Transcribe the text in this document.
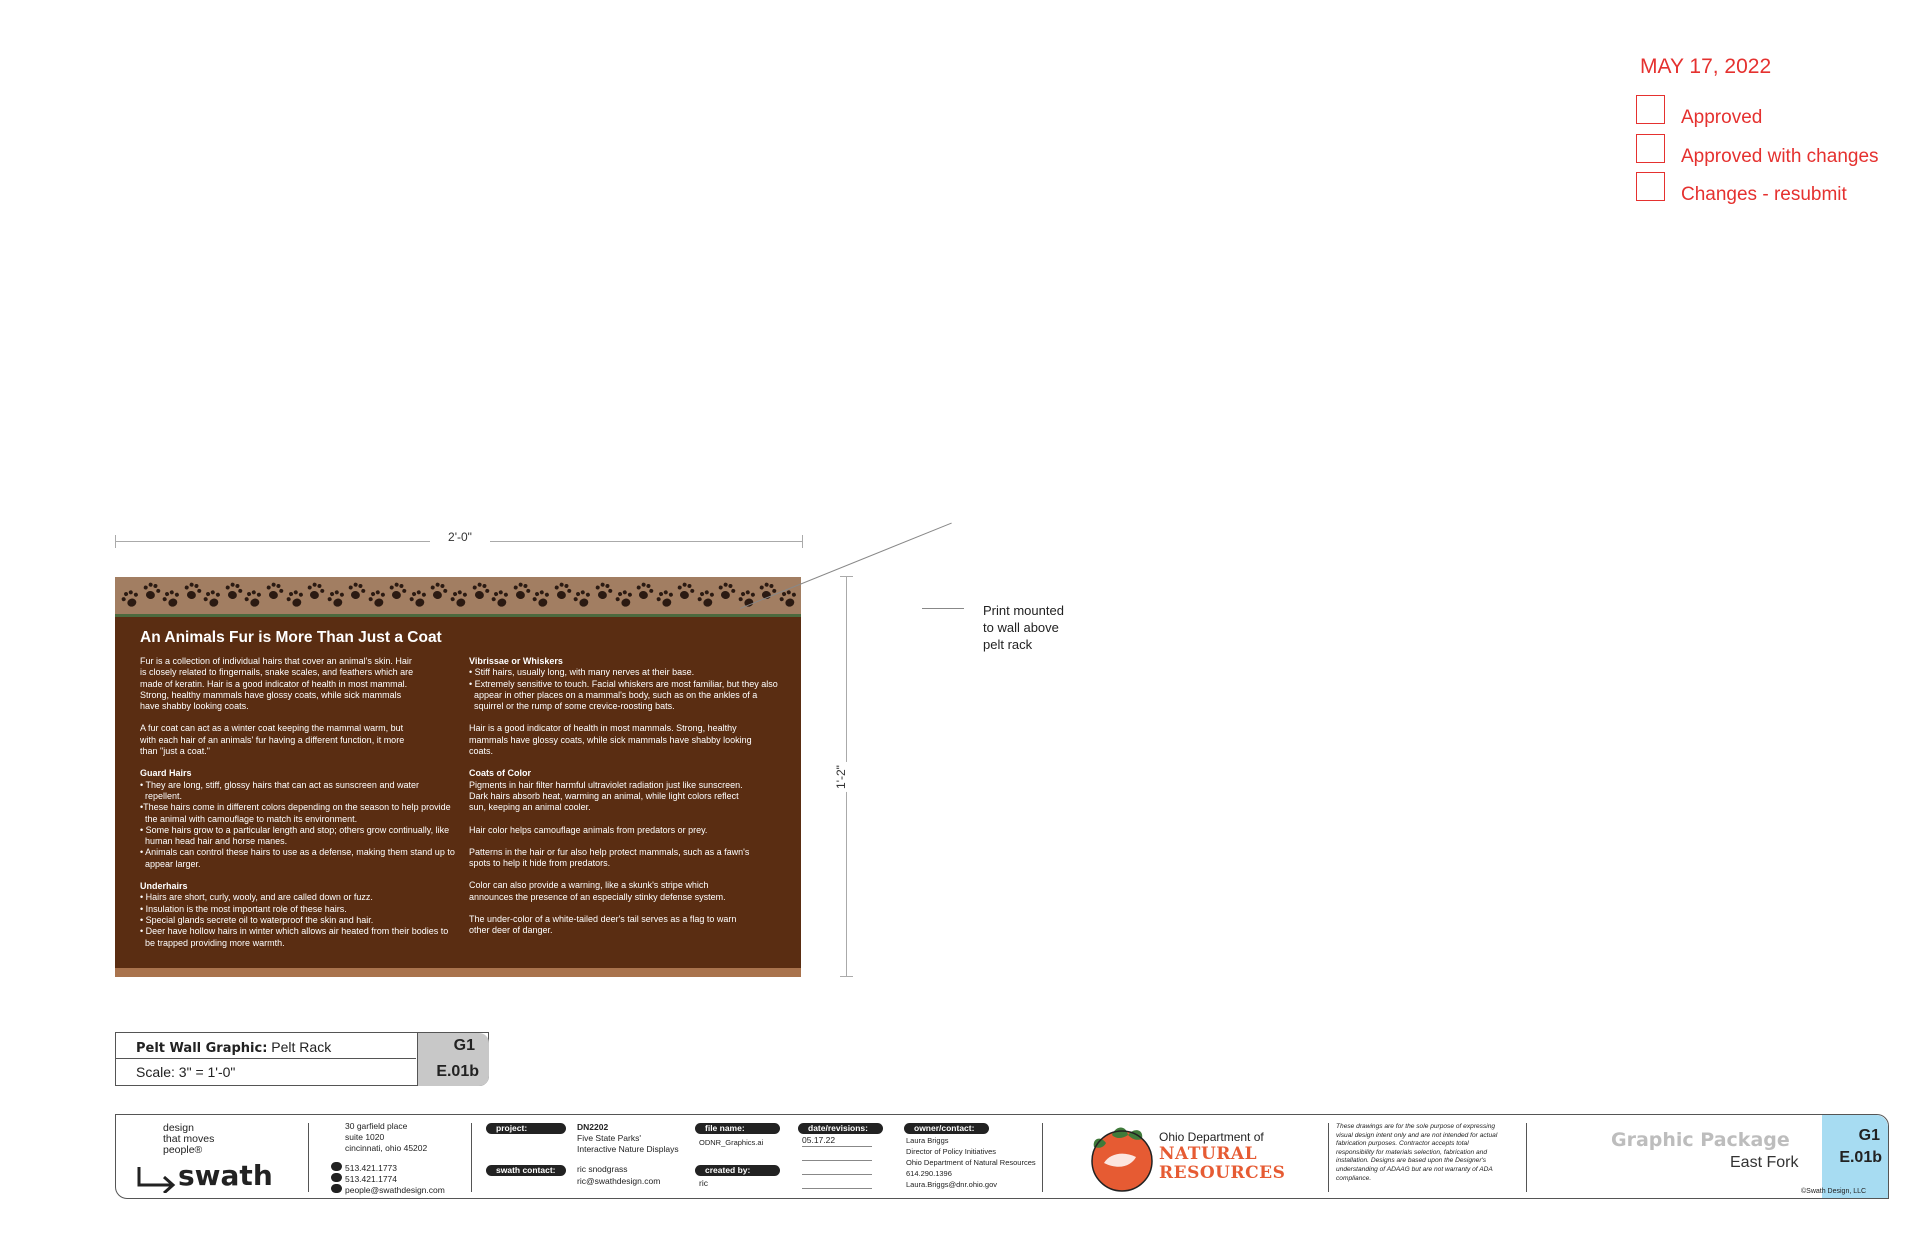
MAY 17, 2022
Approved
Approved with changes
Changes - resubmit
2'-0"
1'-2"
An Animals Fur is More Than Just a Coat

Fur is a collection of individual hairs that cover an animal's skin. Hair
is closely related to fingernails, snake scales, and feathers which are
made of keratin. Hair is a good indicator of health in most mammal.
Strong, healthy mammals have glossy coats, while sick mammals
have shabby looking coats.

A fur coat can act as a winter coat keeping the mammal warm, but
with each hair of an animals' fur having a different function, it more
than "just a coat."

Guard Hairs
• They are long, stiff, glossy hairs that can act as sunscreen and water repellent.
•These hairs come in different colors depending on the season to help provide the animal with camouflage to match its environment.
• Some hairs grow to a particular length and stop; others grow continually, like human head hair and horse manes.
• Animals can control these hairs to use as a defense, making them stand up to appear larger.
Underhairs
• Hairs are short, curly, wooly, and are called down or fuzz.
• Insulation is the most important role of these hairs.
• Special glands secrete oil to waterproof the skin and hair.
• Deer have hollow hairs in winter which allows air heated from their bodies to be trapped providing more warmth.
Vibrissae or Whiskers
• Stiff hairs, usually long, with many nerves at their base.
• Extremely sensitive to touch. Facial whiskers are most familiar, but they also appear in other places on a mammal's body, such as on the ankles of a squirrel or the rump of some crevice-roosting bats.

Hair is a good indicator of health in most mammals. Strong, healthy
mammals have glossy coats, while sick mammals have shabby looking
coats.

Coats of Color

Pigments in hair filter harmful ultraviolet radiation just like sunscreen.
Dark hairs absorb heat, warming an animal, while light colors reflect
sun, keeping an animal cooler.

Hair color helps camouflage animals from predators or prey.

Patterns in the hair or fur also help protect mammals, such as a fawn's
spots to help it hide from predators.

Color can also provide a warning, like a skunk's stripe which
announces the presence of an especially stinky defense system.

The under-color of a white-tailed deer's tail serves as a flag to warn
other deer of danger.

Print mounted
to wall above
pelt rack
Pelt Wall Graphic: Pelt Rack
Scale: 3" = 1'-0"
G1
E.01b
design
that moves
people®
swath
30 garfield place
suite 1020
cincinnati, ohio 45202
513.421.1773
513.421.1774
people@swathdesign.com
project:	DN2202
Five State Parks'
Interactive Nature Displays
swath contact:	ric snodgrass
ric@swathdesign.com
file name:
ODNR_Graphics.ai
created by:
ric
date/revisions:
05.17.22
owner/contact:
Laura Briggs
Director of Policy Initiatives
Ohio Department of Natural Resources
614.290.1396
Laura.Briggs@dnr.ohio.gov
Ohio Department of
NATURAL
RESOURCES
These drawings are for the sole purpose of expressing visual design intent only and are not intended for actual fabrication purposes. Contractor accepts total responsibility for materials selection, fabrication and installation. Designs are based upon the Designer's understanding of ADAAG but are not warranty of ADA compliance.
Graphic Package
East Fork
G1
E.01b
©Swath Design, LLC
